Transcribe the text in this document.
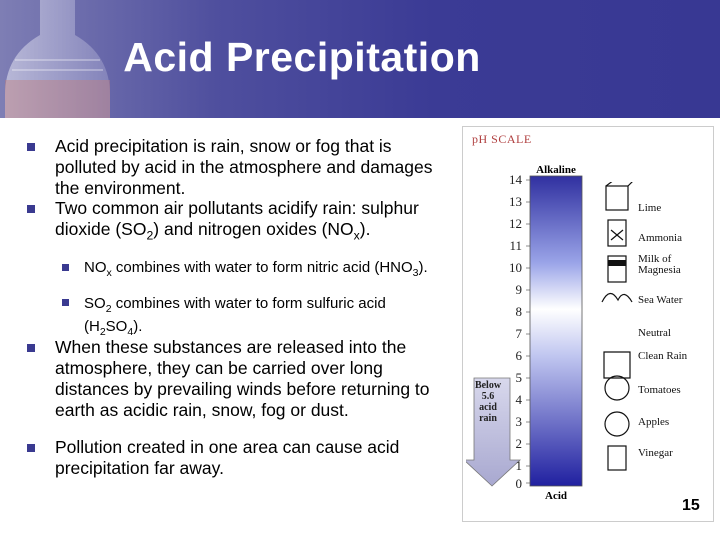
Acid Precipitation
Acid precipitation is rain, snow or fog that is polluted by acid in the atmosphere and damages the environment.
Two common air pollutants acidify rain: sulphur dioxide $(SO_2)$ and nitrogen oxides $(NO_x)$.
$NO_x$ combines with water to form nitric acid $(HNO_3)$.
$SO_2$ combines with water to form sulfuric acid $(H_2SO_4)$.
When these substances are released into the atmosphere, they can be carried over long distances by prevailing winds before returning to earth as acidic rain, snow, fog or dust.
Pollution created in one area can cause acid precipitation far away.
pH SCALE
Alkaline
Acid
14
13
12
11
10
9
8
7
6
5
4
3
2
1
0
Below
5.6
acid
rain
Lime
Ammonia
Milk of Magnesia
Sea Water
Neutral
Clean Rain
Tomatoes
Apples
Vinegar
15
